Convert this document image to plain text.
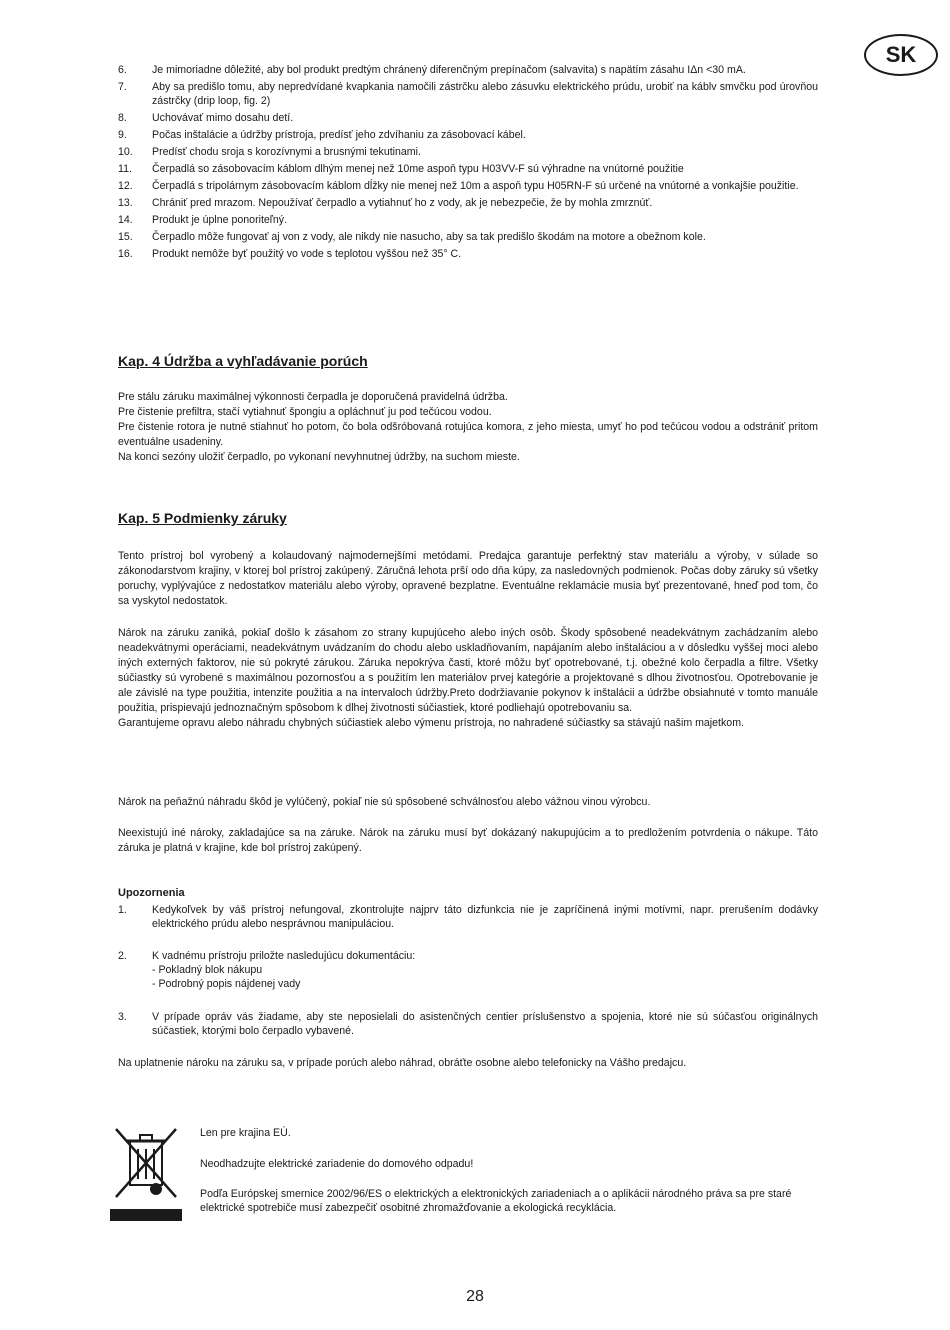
SK
6.	Je mimoriadne dôležité, aby bol produkt predtým chránený diferenčným prepínačom (salvavita) s napätím zásahu IΔn <30 mA.
7.	Aby sa predišlo tomu, aby nepredvídané kvapkania namočili zástrčku alebo zásuvku elektrického prúdu, urobiť na káblv smvčku pod úrovňou zástrčky (drip loop, fig. 2)
8.	Uchovávať mimo dosahu detí.
9.	Počas inštalácie a údržby prístroja, predísť jeho zdvíhaniu za zásobovací kábel.
10.	Predísť chodu sroja s korozívnymi a brusnými tekutinami.
11.	Čerpadlá so zásobovacím káblom dlhým menej než 10me aspoň typu H03VV-F sú výhradne na vnútorné použitie
12.	Čerpadlá s tripolárnym zásobovacím káblom dĺžky nie menej než 10m a aspoň typu H05RN-F sú určené na vnútorné a vonkajšie použitie.
13.	Chrániť pred mrazom. Nepoužívať čerpadlo a vytiahnuť ho z vody, ak je nebezpečie, že by mohla zmrznúť.
14.	Produkt je úplne ponoriteľný.
15.	Čerpadlo môže fungovať aj von z vody, ale nikdy nie nasucho, aby sa tak predišlo škodám na motore a obežnom kole.
16.	Produkt nemôže byť použitý vo vode s teplotou vyššou než 35° C.
Kap. 4 Údržba a vyhľadávanie porúch

Pre stálu záruku maximálnej výkonnosti čerpadla je doporučená pravidelná údržba.

Pre čistenie prefiltra, stačí vytiahnuť špongiu a opláchnuť ju pod tečúcou vodou.

Pre čistenie rotora je nutné stiahnuť ho potom, čo bola odšróbovaná rotujúca komora, z jeho miesta, umyť ho pod tečúcou vodou a odstrániť pritom eventuálne usadeniny.

Na konci sezóny uložiť čerpadlo, po vykonaní nevyhnutnej údržby, na suchom mieste.

Kap. 5 Podmienky záruky
Tento prístroj bol vyrobený a kolaudovaný najmodernejšími metódami. Predajca garantuje perfektný stav materiálu a výroby, v súlade so zákonodarstvom krajiny, v ktorej bol prístroj zakúpený. Záručná lehota prší odo dňa kúpy, za nasledovných podmienok. Počas doby záruky sú všetky poruchy, vyplývajúce z nedostatkov materiálu alebo výroby, opravené bezplatne. Eventuálne reklamácie musia byť prezentované, hneď pod tom, čo sa vyskytol nedostatok.

Nárok na záruku zaniká, pokiaľ došlo k zásahom zo strany kupujúceho alebo iných osôb. Škody spôsobené neadekvátnym zachádzaním alebo neadekvátnymi operáciami, neadekvátnym uvádzaním do chodu alebo uskladňovaním, napájaním alebo inštaláciou a v dôsledku vyššej moci alebo iných externých faktorov, nie sú pokryté zárukou. Záruka nepokrýva časti, ktoré môžu byť opotrebované, t.j. obežné kolo čerpadla a filtre. Všetky súčiastky sú vyrobené s maximálnou pozornosťou a s použitím len materiálov prvej kategórie a projektované s dlhou životnosťou. Opotrebovanie je ale závislé na type použitia, intenzite použitia a na intervaloch údržby.Preto dodržiavanie pokynov k inštalácii a údržbe obsiahnuté v tomto manuále použitia, prispievajú jednoznačným spôsobom k dlhej životnosti súčiastiek, ktoré podliehajú opotrebovaniu sa.

Garantujeme opravu alebo náhradu chybných súčiastiek alebo výmenu prístroja, no nahradené súčiastky sa stávajú našim majetkom.

Nárok na peňažnú náhradu škôd je vylúčený, pokiaľ nie sú spôsobené schválnosťou alebo vážnou vinou výrobcu.
Neexistujú iné nároky, zakladajúce sa na záruke. Nárok na záruku musí byť dokázaný nakupujúcim a to predložením potvrdenia o nákupe. Táto záruka je platná v krajine, kde bol prístroj zakúpený.
Upozornenia
1.	Kedykoľvek by váš prístroj nefungoval, zkontrolujte najprv táto dizfunkcia nie je zapríčinená inými motívmi, napr. prerušením dodávky elektrického prúdu alebo nesprávnou manipuláciou.
2.	K vadnému prístroju priložte nasledujúcu dokumentáciu:
- Pokladný blok nákupu
- Podrobný popis nájdenej vady
3.	V prípade opráv vás žiadame, aby ste neposielali do asistenčných centier príslušenstvo a spojenia, ktoré nie sú súčasťou originálnych súčastiek, ktorými bolo čerpadlo vybavené.
Na uplatnenie nároku na záruku sa, v prípade porúch alebo náhrad, obráťte osobne alebo telefonicky na Vášho predajcu.
Len pre krajina EÚ.
Neodhadzujte elektrické zariadenie do domového odpadu!
Podľa Európskej smernice 2002/96/ES o elektrických a elektronických zariadeniach a o aplikácii národného práva sa pre staré elektrické spotrebiče musí zabezpečiť osobitné zhromažďovanie a ekologická recyklácia.
28
